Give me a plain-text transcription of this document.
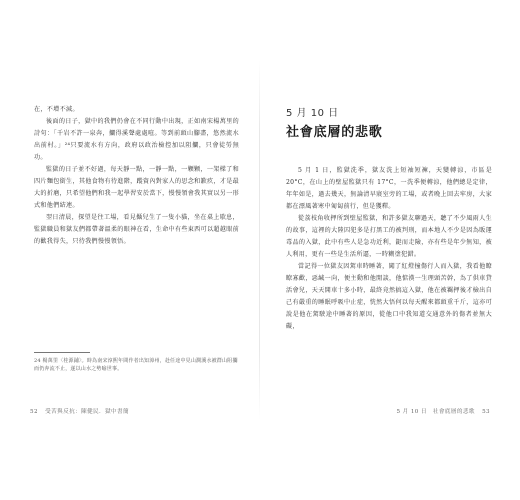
在，不增不減。

後面的日子，獄中的我們仍會在不同行動中出現，正如南宋楊萬里的詩句：「千岩不許一泉奔，攔得溪聲處處喧。等到前頭山腳盡，悠然流水出前村。」²⁴只要流水有方向，政府以政治檢控加以阻攔，只會徒勞無功。

監獄的日子並不好過，每天靜一點，一靜一點，一颗颗，一架樑了和四片麵包銜生，其他食物有待進階，蹤資內對家人的思念和歉疚，才是最大的折磨，只希望他們和我一起學習安於當下，慢慢領會我其實以另一形式和他們結連。

翌日清晨，探望是往工場，看見攝兒生了一隻小貓，坐在桌上歇息，監獄職員和獄友們都帶著溫柔的眼神在看，生命中有些東西可以超越眼前的歡我得失，只待我們慢慢領悟。

24 楊萬里〈桂源鋪〉。時為南宋淳熙年間作者出知漳州，赴任途中見山澗溪水被群山阻攔而仍奔流不止，遂以山水之勢喻世事。
52 受苦與反抗：陳健民．獄中書簡
5 月 10 日
社會底層的悲歌

5 月 1 日，監獄洗季，獄友洗上短袖短褲，天變轉涼，市區是 20°C，在山上的壁屋監獄只有 17°C，一洗季便轉涼，他們總是定律，年年如是，過去幾天，無論清早寢室旁的工場，或者晚上回去牢房，大家都在漂風著寒中匍匐前行，但是獲釋。

從荔枝角收押所到壁屋監獄，和許多獄友聊過天，聽了不少風雨人生的故事，這裡的大陸囚犯多是打黑工的被判刑，而本地人不少是因為販運毒品的入獄，此中有些人是急功近利，鋌而走險，亦有些是年少無知，被人利用，更有一些是生活所逼，一時糊塗犯錯。

當記得一位獄友因駕車時睡著，闖了紅燈撞傷行人而入獄，我看他瞭瞭寡歡，惡緘一向，便主動和他閒談，他惦漢一生理頭苦幹，為了供車貸活會兒，天天開車十多小時，最終竟然搞這入獄，他在被羈押後才檢出自己有嚴重的睡眠呼吸中止症，恍然大悟何以每天醒來都頭重千斤，這亦可說是他在駕駛途中睡著的原因，從他口中我知道交通意外的傷者並無大礙，

5 月 10 日　社會底層的悲歌 53
